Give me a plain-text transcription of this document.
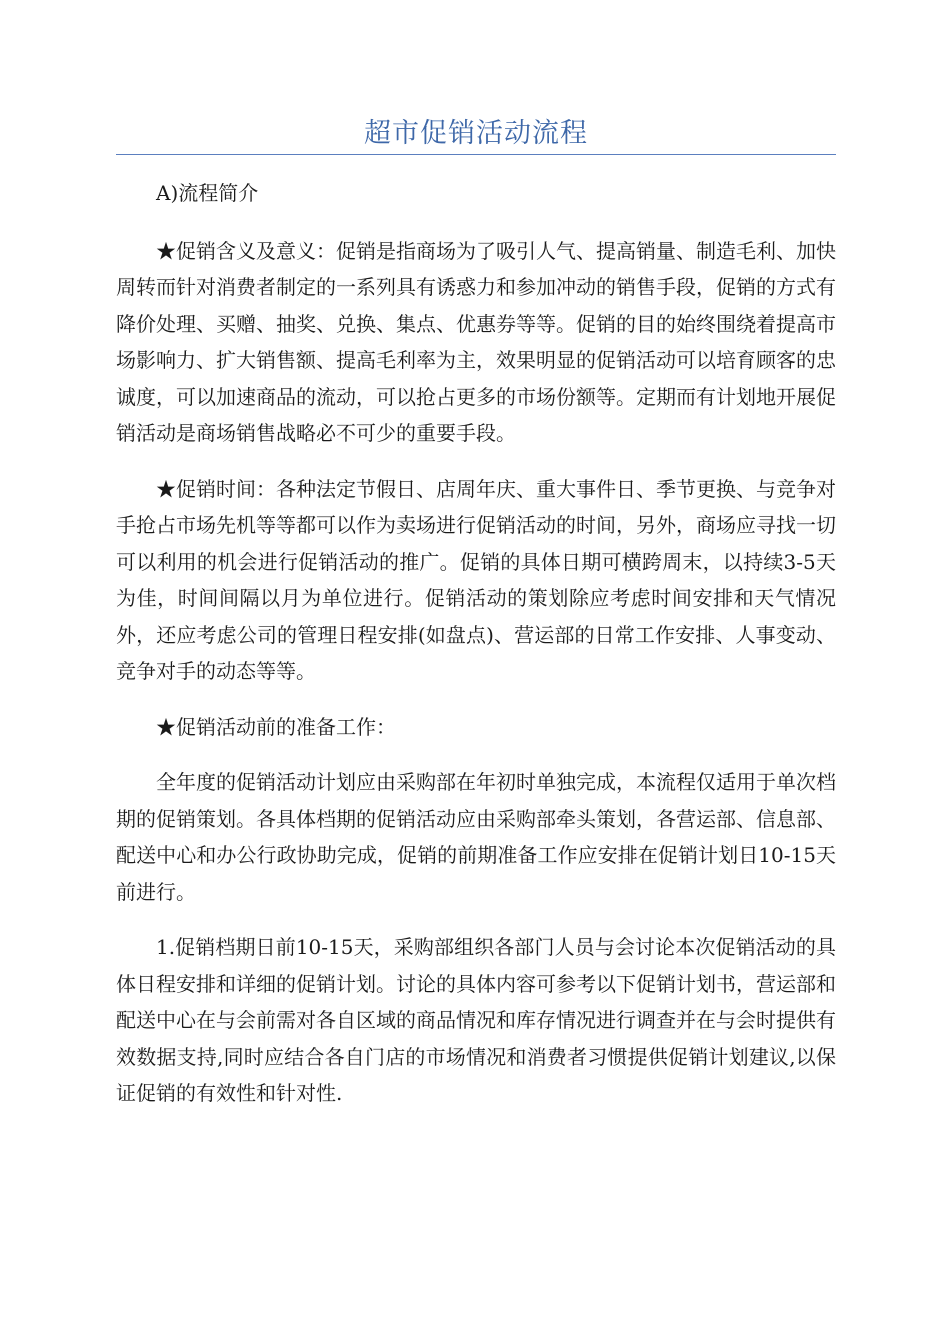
超市促销活动流程

A)流程简介

★促销含义及意义：促销是指商场为了吸引人气、提高销量、制造毛利、加快周转而针对消费者制定的一系列具有诱惑力和参加冲动的销售手段，促销的方式有降价处理、买赠、抽奖、兑换、集点、优惠券等等。促销的目的始终围绕着提高市场影响力、扩大销售额、提高毛利率为主，效果明显的促销活动可以培育顾客的忠诚度，可以加速商品的流动，可以抢占更多的市场份额等。定期而有计划地开展促销活动是商场销售战略必不可少的重要手段。

★促销时间：各种法定节假日、店周年庆、重大事件日、季节更换、与竞争对手抢占市场先机等等都可以作为卖场进行促销活动的时间，另外，商场应寻找一切可以利用的机会进行促销活动的推广。促销的具体日期可横跨周末，以持续3-5天为佳，时间间隔以月为单位进行。促销活动的策划除应考虑时间安排和天气情况外，还应考虑公司的管理日程安排(如盘点)、营运部的日常工作安排、人事变动、竞争对手的动态等等。

★促销活动前的准备工作：

全年度的促销活动计划应由采购部在年初时单独完成，本流程仅适用于单次档期的促销策划。各具体档期的促销活动应由采购部牵头策划，各营运部、信息部、配送中心和办公行政协助完成，促销的前期准备工作应安排在促销计划日10-15天前进行。

1.促销档期日前10-15天，采购部组织各部门人员与会讨论本次促销活动的具体日程安排和详细的促销计划。讨论的具体内容可参考以下促销计划书，营运部和配送中心在与会前需对各自区域的商品情况和库存情况进行调查并在与会时提供有效数据支持,同时应结合各自门店的市场情况和消费者习惯提供促销计划建议,以保证促销的有效性和针对性.
